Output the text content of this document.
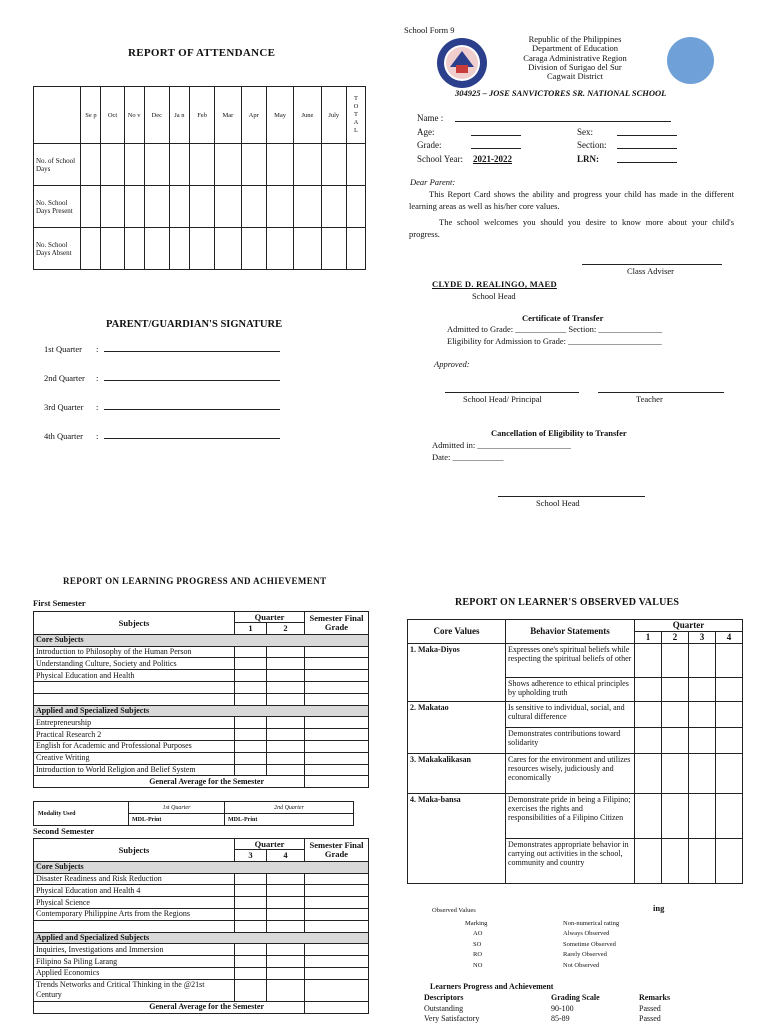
REPORT OF ATTENDANCE
	Se p	Oct	No v	Dec	Ja n	Feb	Mar	Apr	May	June	July	T O T A L
No. of School Days												
No. School Days Present												
No. School Days Absent												
PARENT/GUARDIAN'S SIGNATURE
1st Quarter	:
2nd Quarter	:
3rd Quarter	:
4th Quarter	:
School Form 9
Republic of the Philippines
Department of Education
Caraga Administrative Region
Division of Surigao del Sur
Cagwait District
304925 – JOSE SANVICTORES SR. NATIONAL SCHOOL
Name :
Age:	Sex:
Grade:	Section:
School Year:	2021-2022	LRN:
Dear Parent:
This Report Card shows the ability and progress your child has made in the different learning areas as well as his/her core values.
The school welcomes you should you desire to know more about your child's progress.
Class Adviser
CLYDE D. REALINGO, MAED
School Head
Certificate of Transfer
Admitted to Grade: ____________ Section: _______________
Eligibility for Admission to Grade: ______________________
Approved:
School Head/ Principal	Teacher
Cancellation of Eligibility to Transfer
Admitted in: ______________________
Date: ____________
School Head
REPORT ON LEARNING PROGRESS AND ACHIEVEMENT
First Semester
Subjects	Quarter		Semester Final Grade
	1	2	
Core Subjects			
Introduction to Philosophy of the Human Person			
Understanding Culture, Society and Politics			
Physical Education and Health			

Applied and Specialized Subjects			
Entrepreneurship			
Practical Research 2			
English for Academic and Professional Purposes			
Creative Writing			
Introduction to World Religion and Belief System			
General Average for the Semester			
Modality Used	1st Quarter	2nd Quarter
	MDL-Print	MDL-Print
Second Semester
Subjects	Quarter		Semester Final Grade
	3	4	
Core Subjects			
Disaster Readiness and Risk Reduction			
Physical Education and Health 4			
Physical Science			
Contemporary Philippine Arts from the Regions			

Applied and Specialized Subjects			
Inquiries, Investigations and Immersion			
Filipino Sa Piling Larang			
Applied Economics			
Trends Networks and Critical Thinking in the @21st Century			
General Average for the Semester			
REPORT ON LEARNER'S OBSERVED VALUES
Core Values	Behavior Statements	Quarter			
		1	2	3	4
1. Maka-Diyos	Expresses one's spiritual beliefs while respecting the spiritual beliefs of other				
	Shows adherence to ethical principles by upholding truth				
2. Makatao	Is sensitive to individual, social, and cultural difference				
	Demonstrates contributions toward solidarity				
3. Makakalikasan	Cares for the environment and utilizes resources wisely, judiciously and economically				
4. Maka-bansa	Demonstrate pride in being a Filipino; exercises the rights and responsibilities of a Filipino Citizen				
	Demonstrates appropriate behavior in carrying out activities in the school, community and country				
Observed Values	ing
Marking	Non-numerical rating
AO	Always Observed
SO	Sometime Observed
RO	Rarely Observed
NO	Not Observed
Learners Progress and Achievement
Descriptors	Grading Scale	Remarks
Outstanding	90-100	Passed
Very Satisfactory	85-89	Passed
